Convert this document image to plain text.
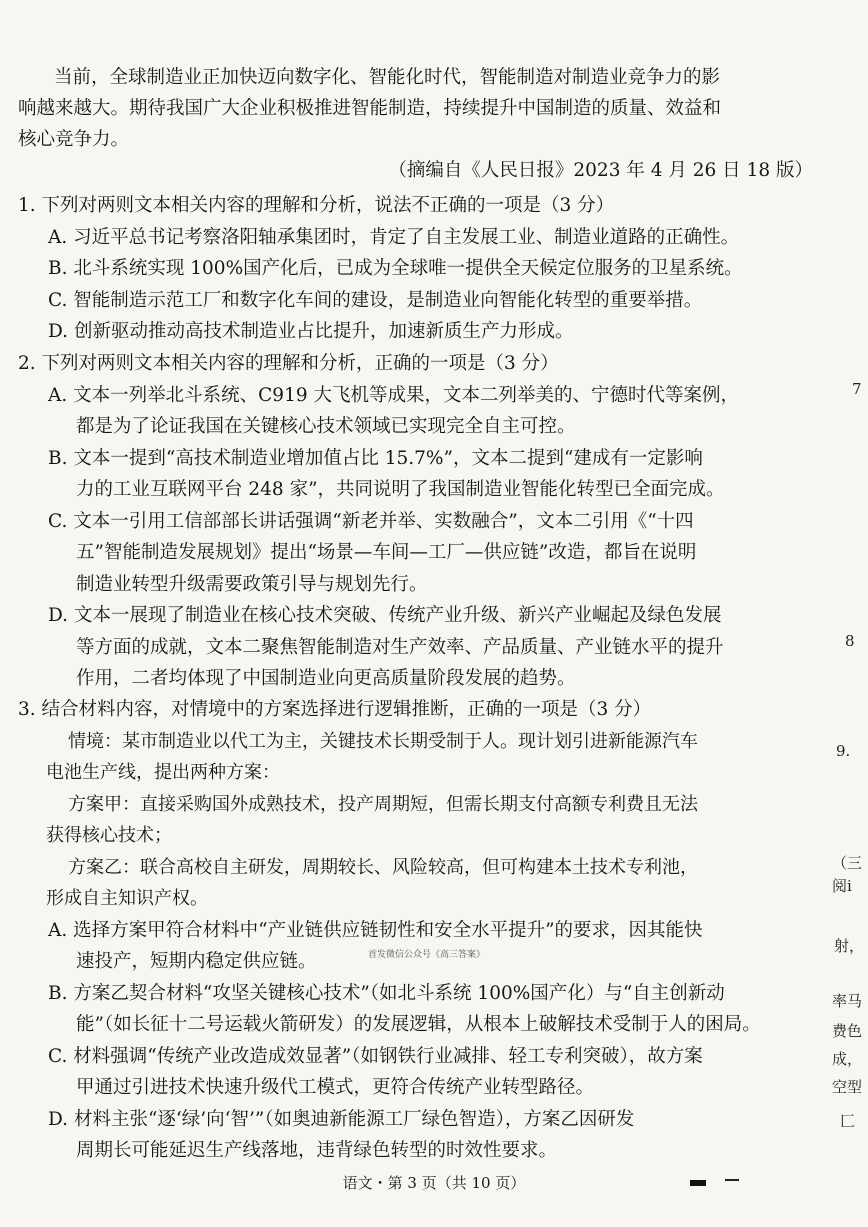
当前，全球制造业正加快迈向数字化、智能化时代，智能制造对制造业竞争力的影
响越来越大。期待我国广大企业积极推进智能制造，持续提升中国制造的质量、效益和
核心竞争力。
（摘编自《人民日报》2023 年 4 月 26 日 18 版）
1. 下列对两则文本相关内容的理解和分析，说法不正确的一项是（3 分）
A. 习近平总书记考察洛阳轴承集团时，肯定了自主发展工业、制造业道路的正确性。
B. 北斗系统实现 100%国产化后，已成为全球唯一提供全天候定位服务的卫星系统。
C. 智能制造示范工厂和数字化车间的建设，是制造业向智能化转型的重要举措。
D. 创新驱动推动高技术制造业占比提升，加速新质生产力形成。
2. 下列对两则文本相关内容的理解和分析，正确的一项是（3 分）
A. 文本一列举北斗系统、C919 大飞机等成果，文本二列举美的、宁德时代等案例，
都是为了论证我国在关键核心技术领域已实现完全自主可控。
B. 文本一提到“高技术制造业增加值占比 15.7%”，文本二提到“建成有一定影响
力的工业互联网平台 248 家”，共同说明了我国制造业智能化转型已全面完成。
C. 文本一引用工信部部长讲话强调“新老并举、实数融合”，文本二引用《“十四
五”智能制造发展规划》提出“场景—车间—工厂—供应链”改造，都旨在说明
制造业转型升级需要政策引导与规划先行。
D. 文本一展现了制造业在核心技术突破、传统产业升级、新兴产业崛起及绿色发展
等方面的成就，文本二聚焦智能制造对生产效率、产品质量、产业链水平的提升
作用，二者均体现了中国制造业向更高质量阶段发展的趋势。
3. 结合材料内容，对情境中的方案选择进行逻辑推断，正确的一项是（3 分）
情境：某市制造业以代工为主，关键技术长期受制于人。现计划引进新能源汽车
电池生产线，提出两种方案：
方案甲：直接采购国外成熟技术，投产周期短，但需长期支付高额专利费且无法
获得核心技术；
方案乙：联合高校自主研发，周期较长、风险较高，但可构建本土技术专利池，
形成自主知识产权。
A. 选择方案甲符合材料中“产业链供应链韧性和安全水平提升”的要求，因其能快
速投产，短期内稳定供应链。
B. 方案乙契合材料“攻坚关键核心技术”（如北斗系统 100%国产化）与“自主创新动
能”（如长征十二号运载火箭研发）的发展逻辑，从根本上破解技术受制于人的困局。
C. 材料强调“传统产业改造成效显著”（如钢铁行业减排、轻工专利突破），故方案
甲通过引进技术快速升级代工模式，更符合传统产业转型路径。
D. 材料主张“逐‘绿’向‘智’”（如奥迪新能源工厂绿色智造），方案乙因研发
周期长可能延迟生产线落地，违背绿色转型的时效性要求。
首发微信公众号《高三答案》
语文・第 3 页（共 10 页）
7
8
9.
（三
阅i
射，
率马
费色
成，
空型
匚
